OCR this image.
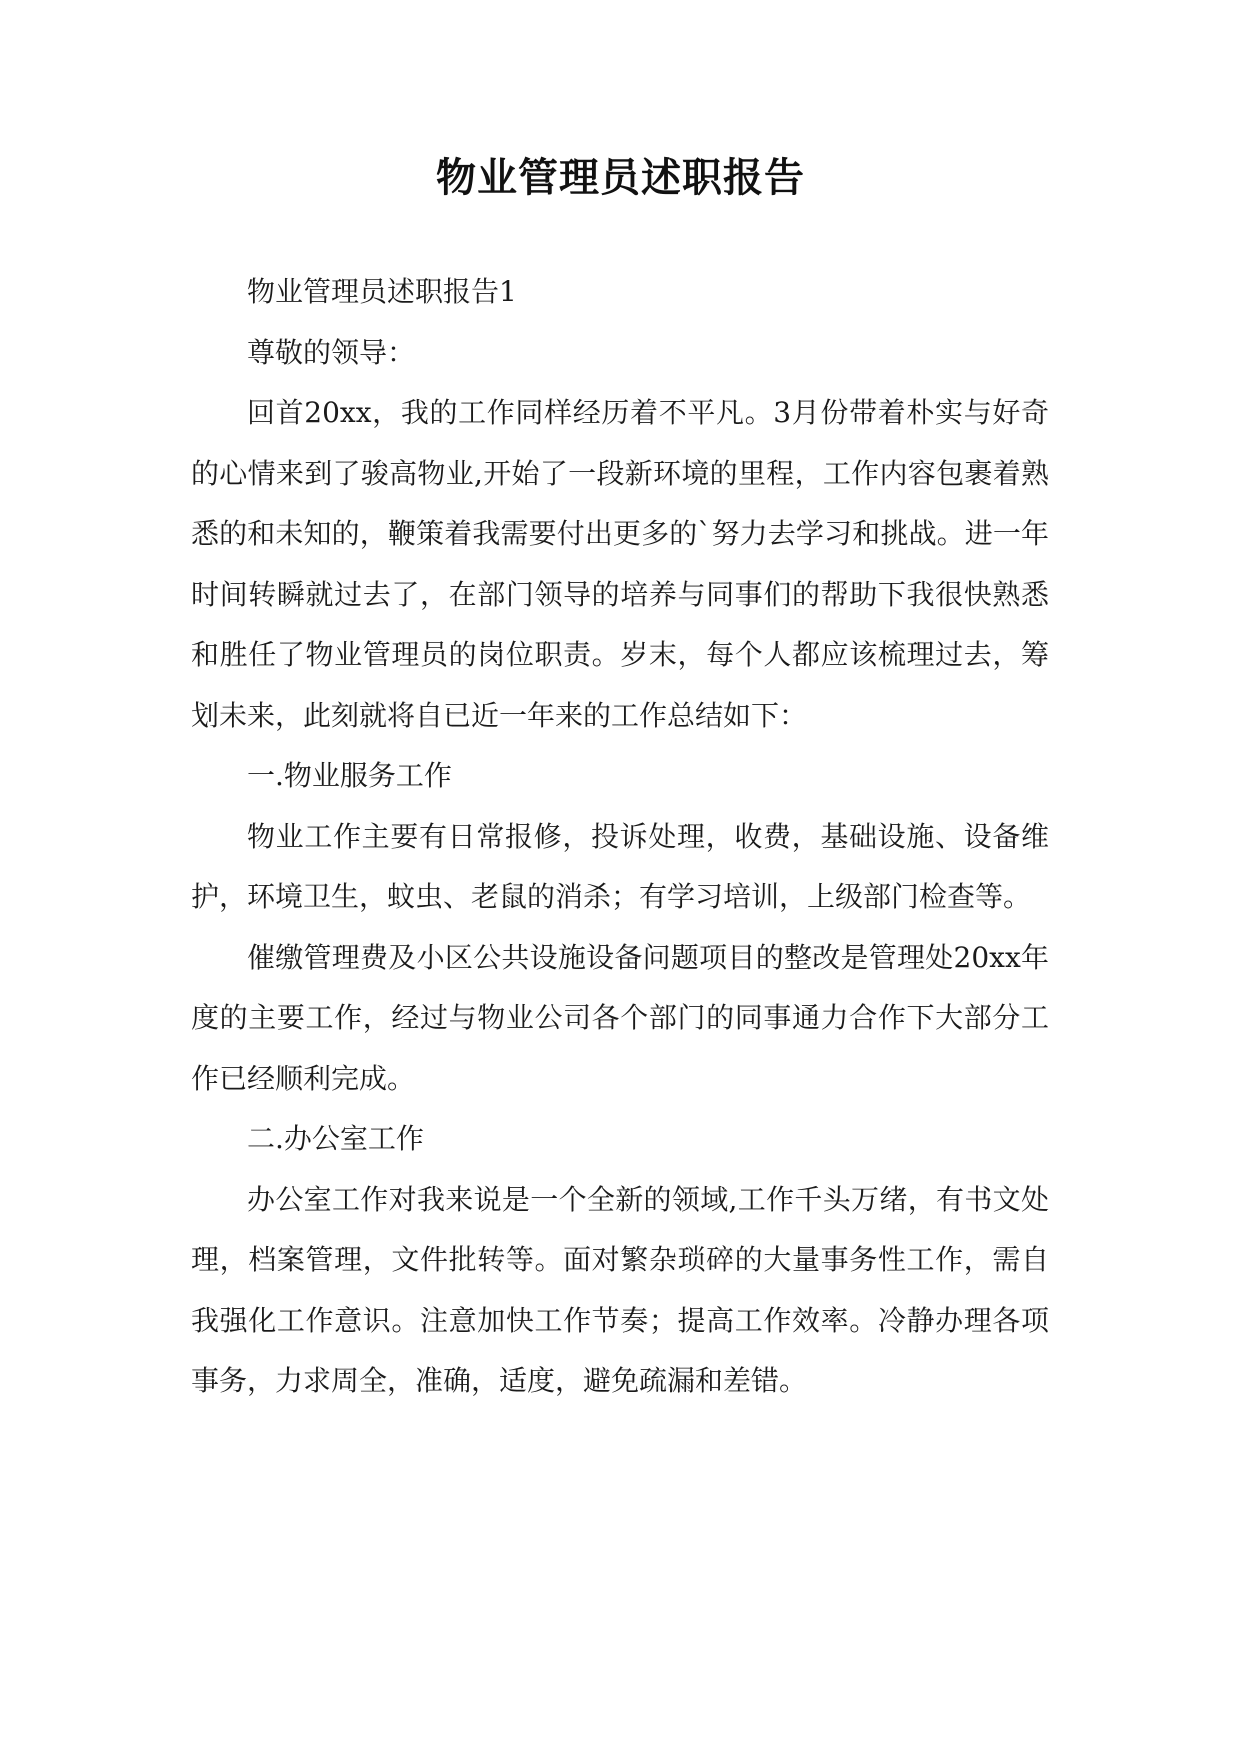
物业管理员述职报告

物业管理员述职报告1

尊敬的领导：

回首20xx，我的工作同样经历着不平凡。3月份带着朴实与好奇的心情来到了骏高物业,开始了一段新环境的里程，工作内容包裹着熟悉的和未知的，鞭策着我需要付出更多的`努力去学习和挑战。进一年时间转瞬就过去了，在部门领导的培养与同事们的帮助下我很快熟悉和胜任了物业管理员的岗位职责。岁末，每个人都应该梳理过去，筹划未来，此刻就将自已近一年来的工作总结如下：

一.物业服务工作

物业工作主要有日常报修，投诉处理，收费，基础设施、设备维护，环境卫生，蚊虫、老鼠的消杀；有学习培训，上级部门检查等。

催缴管理费及小区公共设施设备问题项目的整改是管理处20xx年度的主要工作，经过与物业公司各个部门的同事通力合作下大部分工作已经顺利完成。

二.办公室工作

办公室工作对我来说是一个全新的领域,工作千头万绪，有书文处理，档案管理，文件批转等。面对繁杂琐碎的大量事务性工作，需自我强化工作意识。注意加快工作节奏；提高工作效率。冷静办理各项事务，力求周全，准确，适度，避免疏漏和差错。
